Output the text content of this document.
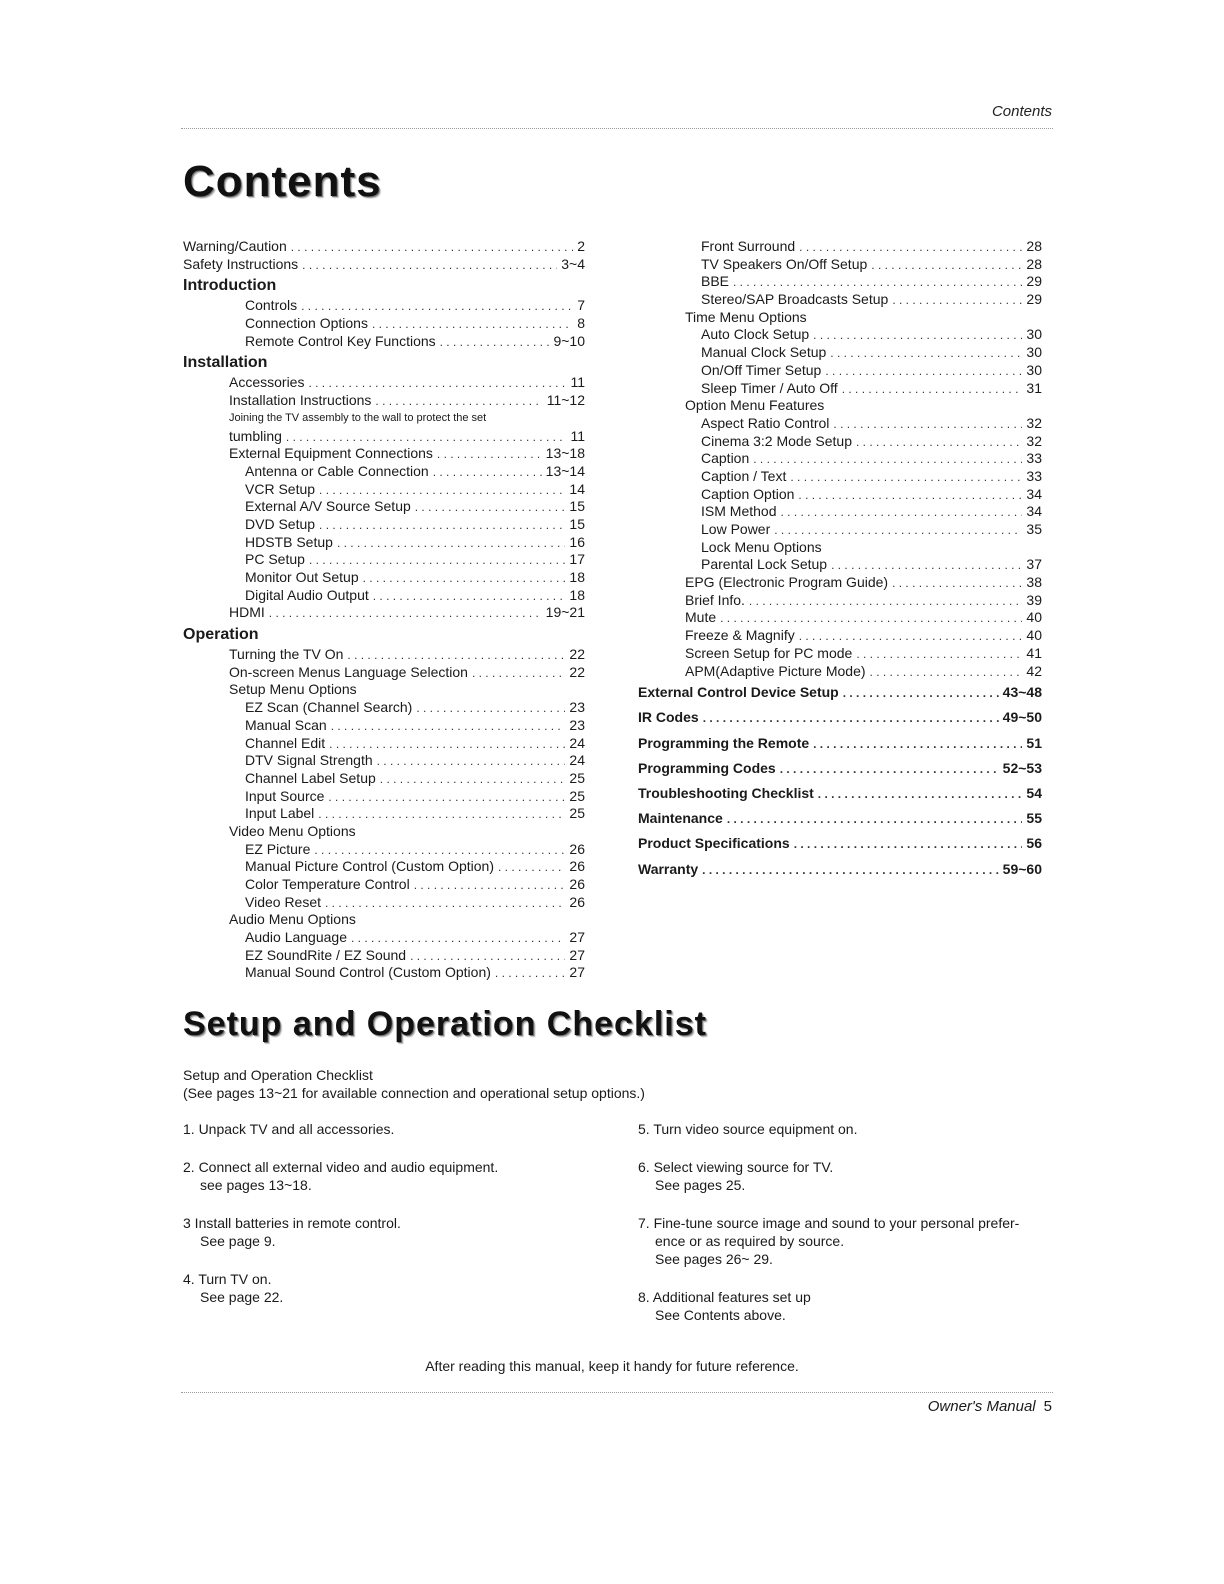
Contents
Contents
Warning/Caution . . .	2
Safety Instructions . . .	3~4
Introduction
Controls . . .	7
Connection Options . . .	8
Remote Control Key Functions . . .	9~10
Installation
Accessories . . .	11
Installation Instructions . . .	11~12
Joining the TV assembly to the wall to protect the set
tumbling . . .	11
External Equipment Connections . . .	13~18
Antenna or Cable Connection . . .	13~14
VCR Setup . . .	14
External A/V Source Setup . . .	15
DVD Setup . . .	15
HDSTB Setup . . .	16
PC Setup . . .	17
Monitor Out Setup . . .	18
Digital Audio Output . . .	18
HDMI . . .	19~21
Operation
Turning the TV On . . .	22
On-screen Menus Language Selection . . .	22
Setup Menu Options
EZ Scan (Channel Search) . . .	23
Manual Scan . . .	23
Channel Edit . . .	24
DTV Signal Strength . . .	24
Channel Label Setup . . .	25
Input Source . . .	25
Input Label . . .	25
Video Menu Options
EZ Picture . . .	26
Manual Picture Control (Custom Option) . . .	26
Color Temperature Control . . .	26
Video Reset . . .	26
Audio Menu Options
Audio Language . . .	27
EZ SoundRite / EZ Sound . . .	27
Manual Sound Control (Custom Option) . . .	27
Front Surround . . .	28
TV Speakers On/Off Setup . . .	28
BBE . . .	29
Stereo/SAP Broadcasts Setup . . .	29
Time Menu Options
Auto Clock Setup . . .	30
Manual Clock Setup . . .	30
On/Off Timer Setup . . .	30
Sleep Timer / Auto Off . . .	31
Option Menu Features
Aspect Ratio Control . . .	32
Cinema 3:2 Mode Setup . . .	32
Caption . . .	33
Caption / Text . . .	33
Caption Option . . .	34
ISM Method . . .	34
Low Power . . .	35
Lock Menu Options
Parental Lock Setup . . .	37
EPG (Electronic Program Guide) . . .	38
Brief Info. . . .	39
Mute . . .	40
Freeze & Magnify . . .	40
Screen Setup for PC mode . . .	41
APM(Adaptive Picture Mode) . . .	42
External Control Device Setup . . .	43~48
IR Codes . . .	49~50
Programming the Remote . . .	51
Programming Codes . . .	52~53
Troubleshooting Checklist . . .	54
Maintenance . . .	55
Product Specifications . . .	56
Warranty . . .	59~60
Setup and Operation Checklist
Setup and Operation Checklist
(See pages 13~21 for available connection and operational setup options.)
1. Unpack TV and all accessories.
2. Connect all external video and audio equipment.
see pages 13~18.
3 Install batteries in remote control.
See page 9.
4. Turn TV on.
See page 22.
5. Turn video source equipment on.
6. Select viewing source for TV.
See pages 25.
7. Fine-tune source image and sound to your personal prefer-
ence or as required by source.
See pages 26~ 29.
8. Additional features set up
See Contents above.
After reading this manual, keep it handy for future reference.
Owner's Manual 5
